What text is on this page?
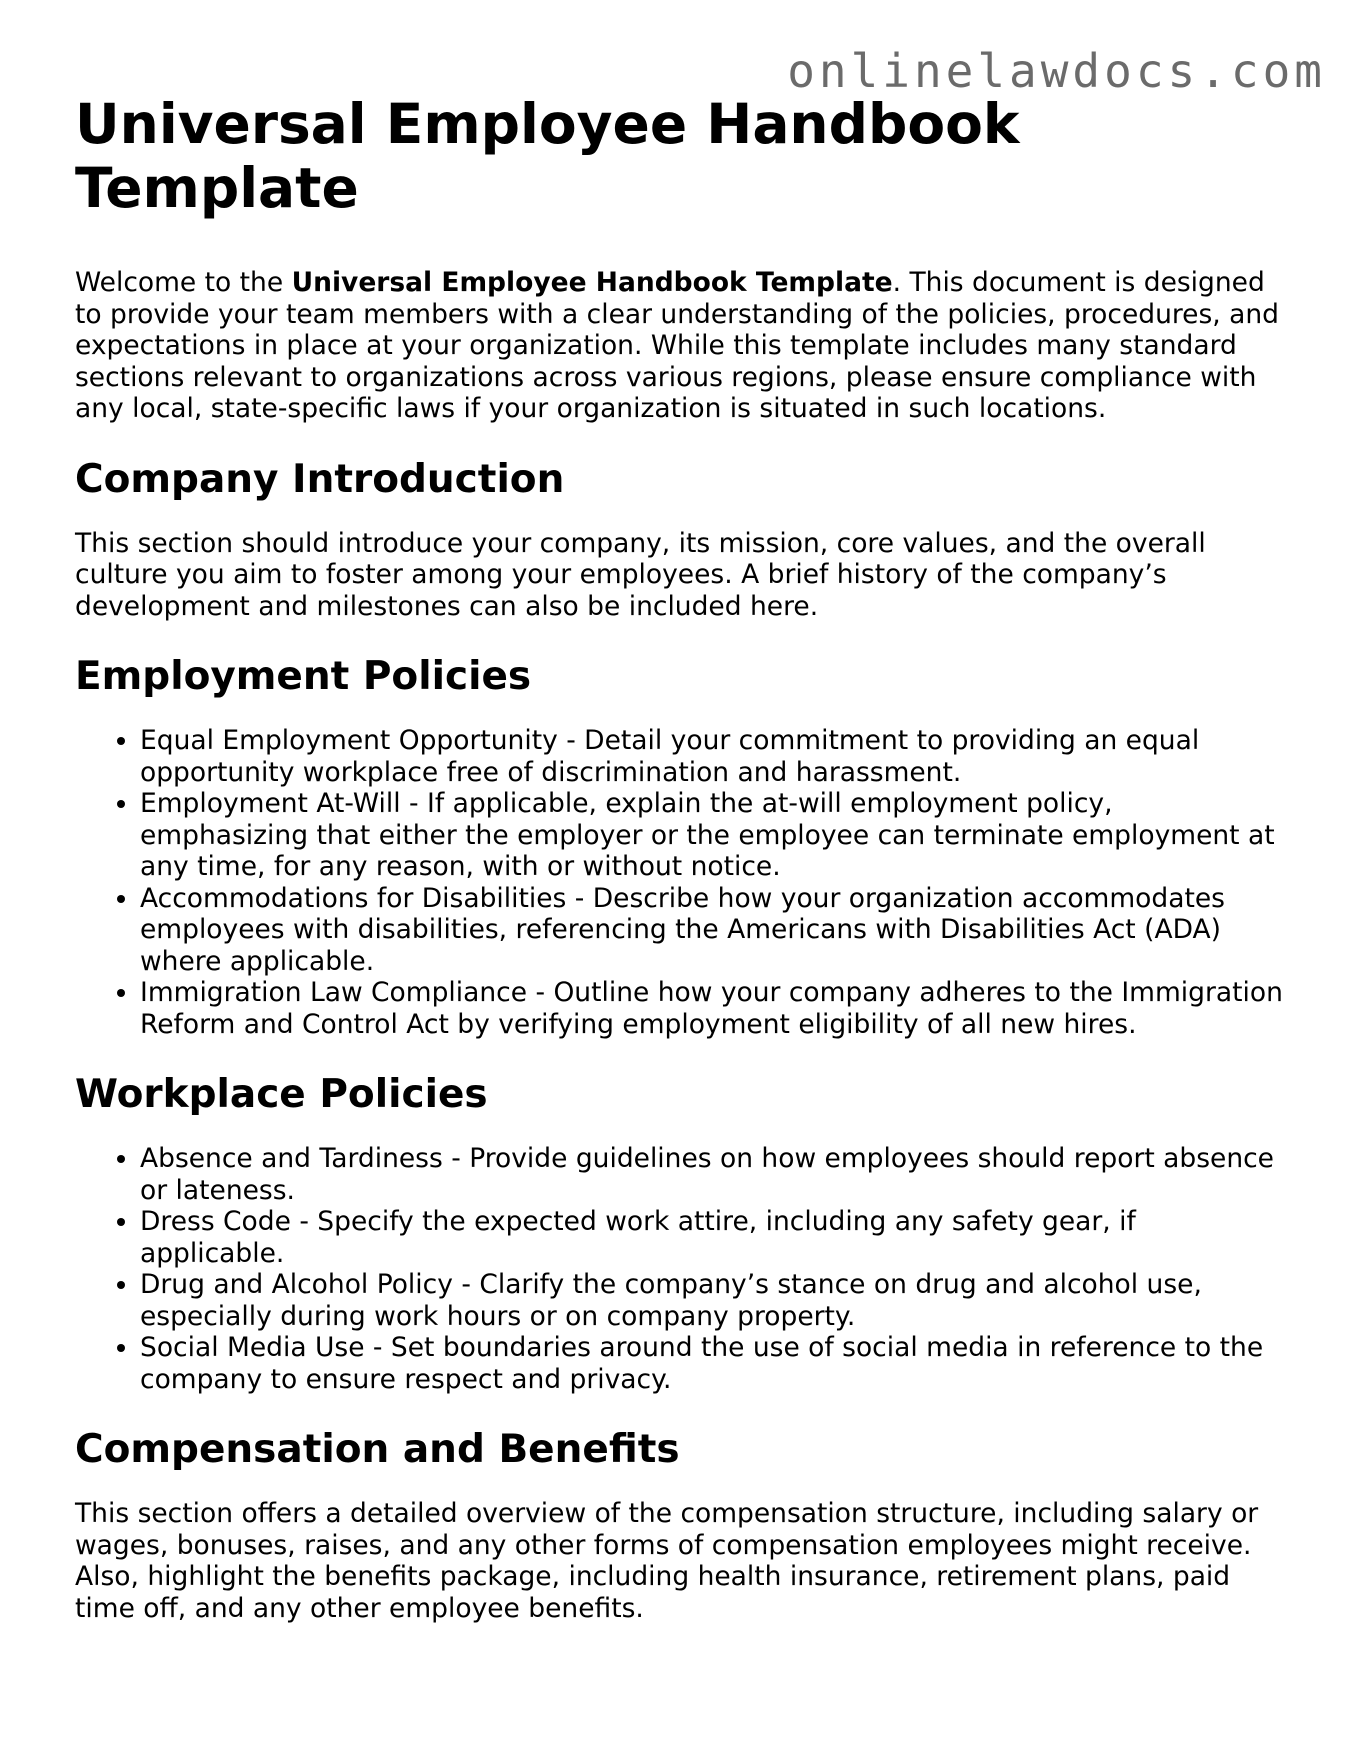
onlinelawdocs.com
Universal Employee Handbook Template

Welcome to the Universal Employee Handbook Template. This document is designed to provide your team members with a clear understanding of the policies, procedures, and expectations in place at your organization. While this template includes many standard sections relevant to organizations across various regions, please ensure compliance with any local, state-specific laws if your organization is situated in such locations.

Company Introduction

This section should introduce your company, its mission, core values, and the overall culture you aim to foster among your employees. A brief history of the company’s development and milestones can also be included here.

Employment Policies
• Equal Employment Opportunity - Detail your commitment to providing an equal opportunity workplace free of discrimination and harassment.
• Employment At-Will - If applicable, explain the at-will employment policy, emphasizing that either the employer or the employee can terminate employment at any time, for any reason, with or without notice.
• Accommodations for Disabilities - Describe how your organization accommodates employees with disabilities, referencing the Americans with Disabilities Act (ADA) where applicable.
• Immigration Law Compliance - Outline how your company adheres to the Immigration Reform and Control Act by verifying employment eligibility of all new hires.
Workplace Policies
• Absence and Tardiness - Provide guidelines on how employees should report absence or lateness.
• Dress Code - Specify the expected work attire, including any safety gear, if applicable.
• Drug and Alcohol Policy - Clarify the company’s stance on drug and alcohol use, especially during work hours or on company property.
• Social Media Use - Set boundaries around the use of social media in reference to the company to ensure respect and privacy.
Compensation and Benefits

This section offers a detailed overview of the compensation structure, including salary or wages, bonuses, raises, and any other forms of compensation employees might receive. Also, highlight the benefits package, including health insurance, retirement plans, paid time off, and any other employee benefits.
